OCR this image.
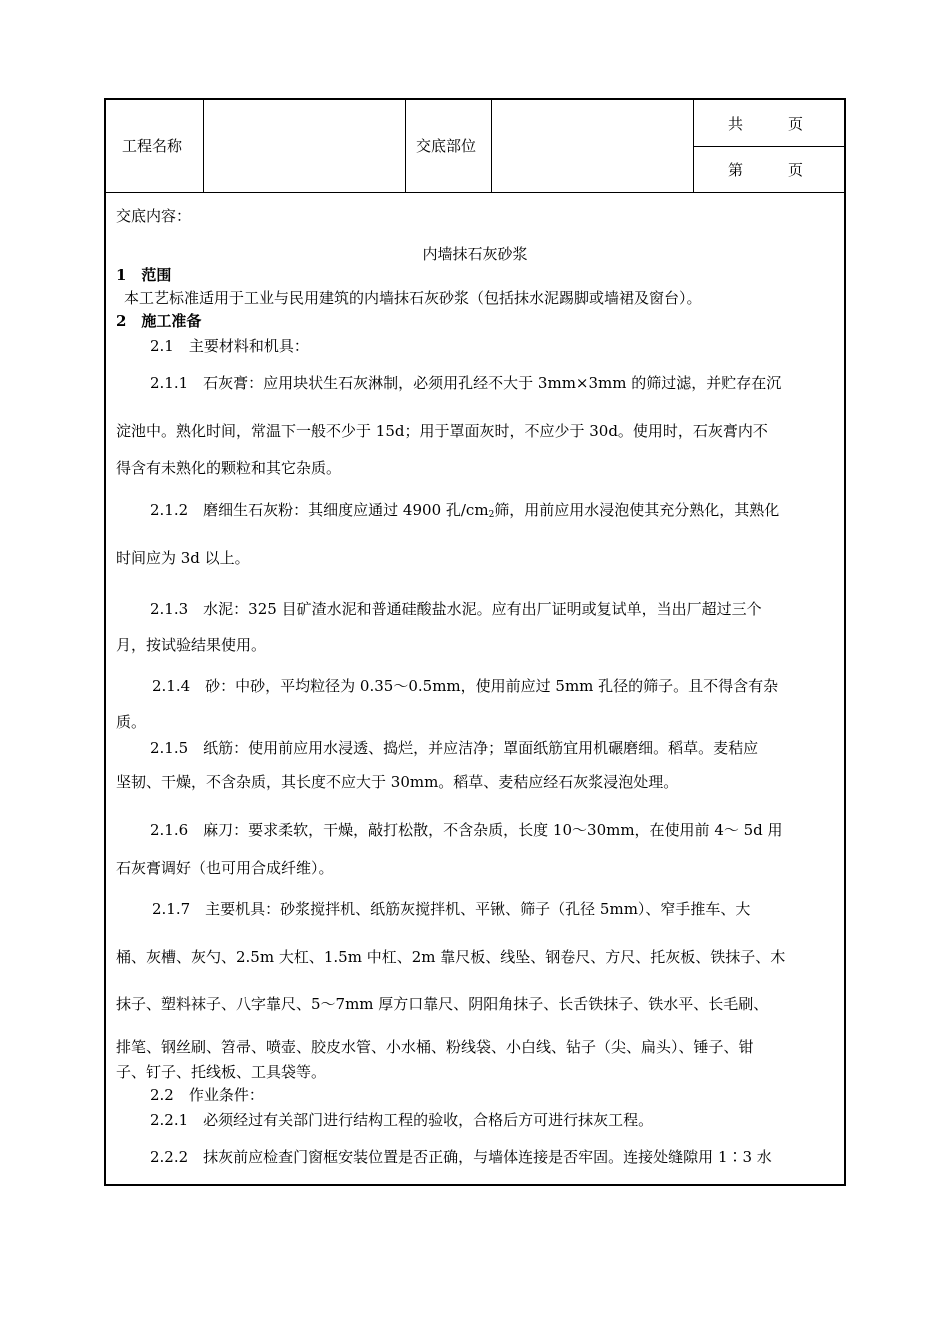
工程名称	交底部位
共　　　页
第　　　页
交底内容：
内墙抹石灰砂浆
1　范围
本工艺标准适用于工业与民用建筑的内墙抹石灰砂浆（包括抹水泥踢脚或墙裙及窗台）。
2　施工准备
2.1　主要材料和机具：
2.1.1　石灰膏：应用块状生石灰淋制，必须用孔经不大于 3mm×3mm 的筛过滤，并贮存在沉
淀池中。熟化时间，常温下一般不少于 15d；用于罩面灰时，不应少于 30d。使用时，石灰膏内不
得含有未熟化的颗粒和其它杂质。
2.1.2　磨细生石灰粉：其细度应通过 4900 孔$/cm_2$筛，用前应用水浸泡使其充分熟化，其熟化
时间应为 3d 以上。
2.1.3　水泥：325 目矿渣水泥和普通硅酸盐水泥。应有出厂证明或复试单，当出厂超过三个
月，按试验结果使用。
2.1.4　砂：中砂，平均粒径为 0.35～0.5mm，使用前应过 5mm 孔径的筛子。且不得含有杂
质。
2.1.5　纸筋：使用前应用水浸透、捣烂，并应洁净；罩面纸筋宜用机碾磨细。稻草。麦秸应
坚韧、干燥，不含杂质，其长度不应大于 30mm。稻草、麦秸应经石灰浆浸泡处理。
2.1.6　麻刀：要求柔软，干燥，敲打松散，不含杂质，长度 10～30mm，在使用前 4～ 5d 用
石灰膏调好（也可用合成纤维）。
2.1.7　主要机具：砂浆搅拌机、纸筋灰搅拌机、平锹、筛子（孔径 5mm）、窄手推车、大
桶、灰槽、灰勺、2.5m 大杠、1.5m 中杠、2m 靠尺板、线坠、钢卷尺、方尺、托灰板、铁抹子、木
抹子、塑料袜子、八字靠尺、5～7mm 厚方口靠尺、阴阳角抹子、长舌铁抹子、铁水平、长毛刷、
排笔、钢丝刷、笤帚、喷壶、胶皮水管、小水桶、粉线袋、小白线、钻子（尖、扁头）、锤子、钳
子、钉子、托线板、工具袋等。
2.2　作业条件：
2.2.1　必须经过有关部门进行结构工程的验收，合格后方可进行抹灰工程。
2.2.2　抹灰前应检查门窗框安装位置是否正确，与墙体连接是否牢固。连接处缝隙用 1∶3 水
